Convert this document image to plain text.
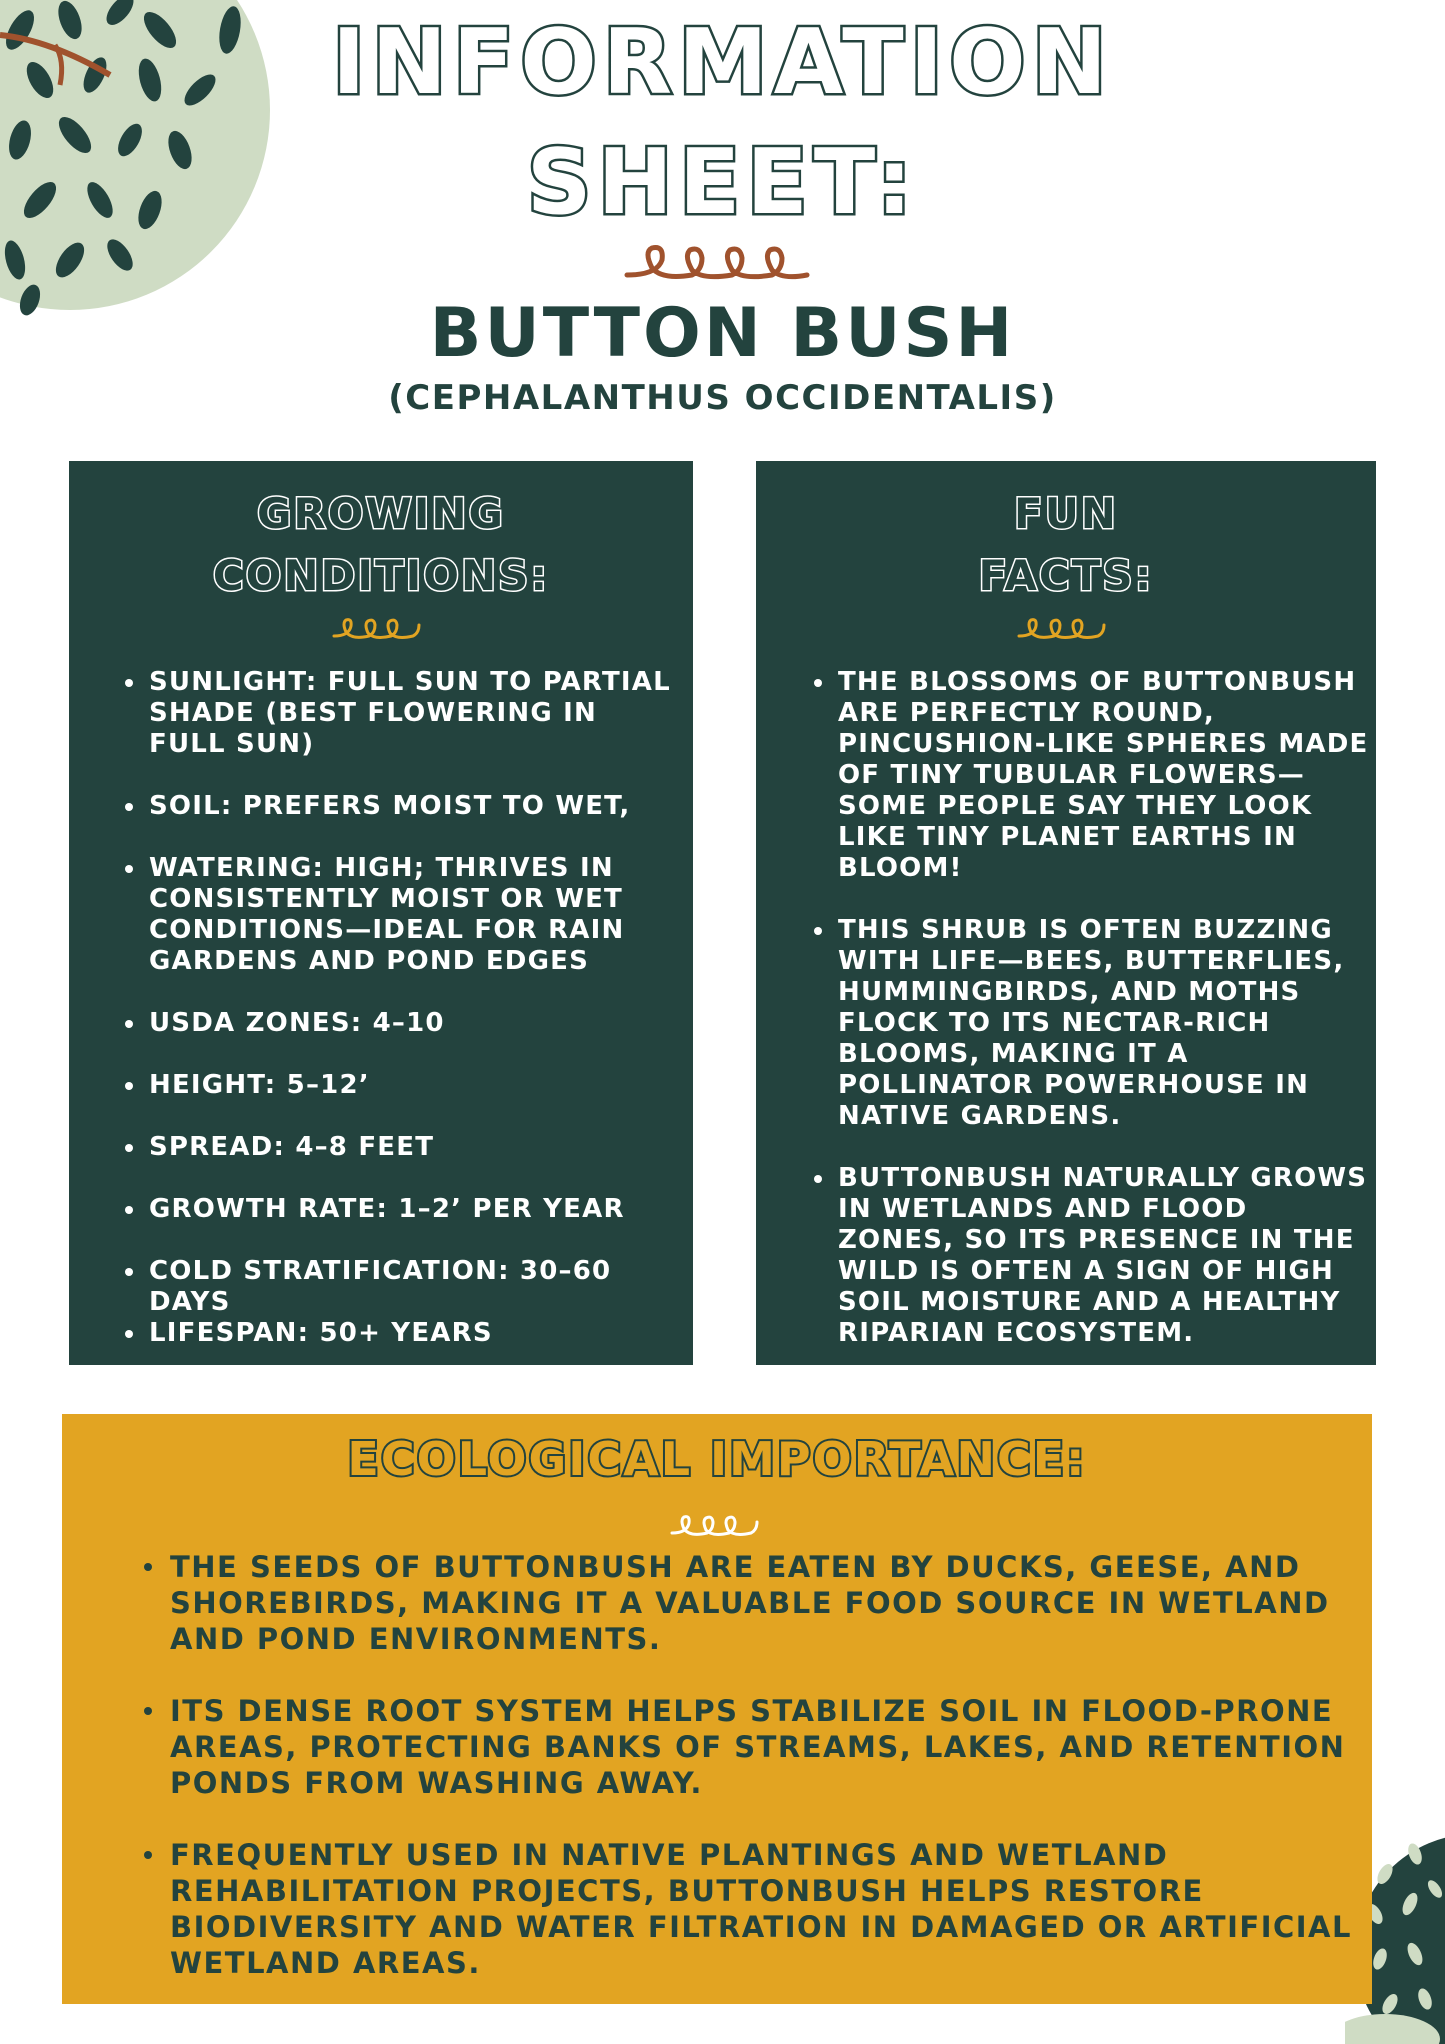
INFORMATION
SHEET:
BUTTON BUSH
(CEPHALANTHUS OCCIDENTALIS)
GROWING
CONDITIONS:
SUNLIGHT: FULL SUN TO PARTIAL SHADE (BEST FLOWERING IN FULL SUN)
SOIL: PREFERS MOIST TO WET,
WATERING: HIGH; THRIVES IN CONSISTENTLY MOIST OR WET CONDITIONS—IDEAL FOR RAIN GARDENS AND POND EDGES
USDA ZONES: 4–10
HEIGHT: 5–12’
SPREAD: 4–8 FEET
GROWTH RATE: 1–2’ PER YEAR
COLD STRATIFICATION: 30–60 DAYS
LIFESPAN: 50+ YEARS
FUN
FACTS:
THE BLOSSOMS OF BUTTONBUSH ARE PERFECTLY ROUND, PINCUSHION-LIKE SPHERES MADE OF TINY TUBULAR FLOWERS—SOME PEOPLE SAY THEY LOOK LIKE TINY PLANET EARTHS IN BLOOM!
THIS SHRUB IS OFTEN BUZZING WITH LIFE—BEES, BUTTERFLIES, HUMMINGBIRDS, AND MOTHS FLOCK TO ITS NECTAR-RICH BLOOMS, MAKING IT A POLLINATOR POWERHOUSE IN NATIVE GARDENS.
BUTTONBUSH NATURALLY GROWS IN WETLANDS AND FLOOD ZONES, SO ITS PRESENCE IN THE WILD IS OFTEN A SIGN OF HIGH SOIL MOISTURE AND A HEALTHY RIPARIAN ECOSYSTEM.
ECOLOGICAL IMPORTANCE:
THE SEEDS OF BUTTONBUSH ARE EATEN BY DUCKS, GEESE, AND SHOREBIRDS, MAKING IT A VALUABLE FOOD SOURCE IN WETLAND AND POND ENVIRONMENTS.
ITS DENSE ROOT SYSTEM HELPS STABILIZE SOIL IN FLOOD-PRONE AREAS, PROTECTING BANKS OF STREAMS, LAKES, AND RETENTION PONDS FROM WASHING AWAY.
FREQUENTLY USED IN NATIVE PLANTINGS AND WETLAND REHABILITATION PROJECTS, BUTTONBUSH HELPS RESTORE BIODIVERSITY AND WATER FILTRATION IN DAMAGED OR ARTIFICIAL WETLAND AREAS.
